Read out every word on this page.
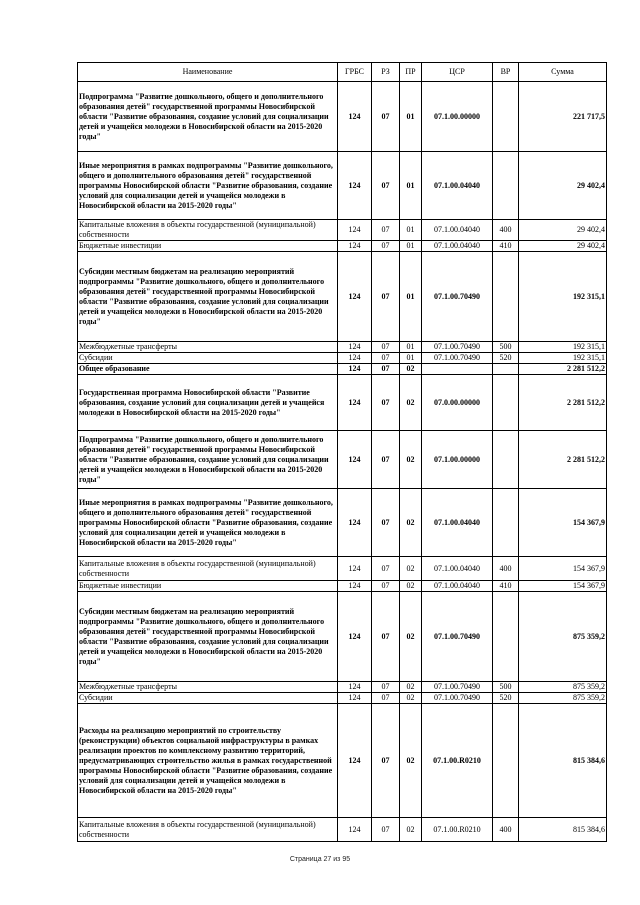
Наименование	ГРБС	РЗ	ПР	ЦСР	ВР	Сумма
Подпрограмма "Развитие дошкольного, общего и дополнительного образования детей" государственной программы Новосибирской области "Развитие образования, создание условий для социализации детей и учащейся молодежи в Новосибирской области на 2015-2020 годы"	124	07	01	07.1.00.00000		221 717,5
Иные мероприятия в рамках подпрограммы "Развитие дошкольного, общего и дополнительного образования детей" государственной программы Новосибирской области "Развитие образования, создание условий для социализации детей и учащейся молодежи в Новосибирской области на 2015-2020 годы"	124	07	01	07.1.00.04040		29 402,4
Капитальные вложения в объекты государственной (муниципальной) собственности	124	07	01	07.1.00.04040	400	29 402,4
Бюджетные инвестиции	124	07	01	07.1.00.04040	410	29 402,4
Субсидии местным бюджетам на реализацию мероприятий подпрограммы "Развитие дошкольного, общего и дополнительного образования детей" государственной программы Новосибирской области "Развитие образования, создание условий для социализации детей и учащейся молодежи в Новосибирской области на 2015-2020 годы"	124	07	01	07.1.00.70490		192 315,1
Межбюджетные трансферты	124	07	01	07.1.00.70490	500	192 315,1
Субсидии	124	07	01	07.1.00.70490	520	192 315,1
Общее образование	124	07	02			2 281 512,2
Государственная программа Новосибирской области "Развитие образования, создание условий для социализации детей и учащейся молодежи в Новосибирской области на 2015-2020 годы"	124	07	02	07.0.00.00000		2 281 512,2
Подпрограмма "Развитие дошкольного, общего и дополнительного образования детей" государственной программы Новосибирской области "Развитие образования, создание условий для социализации детей и учащейся молодежи в Новосибирской области на 2015-2020 годы"	124	07	02	07.1.00.00000		2 281 512,2
Иные мероприятия в рамках подпрограммы "Развитие дошкольного, общего и дополнительного образования детей" государственной программы Новосибирской области "Развитие образования, создание условий для социализации детей и учащейся молодежи в Новосибирской области на 2015-2020 годы"	124	07	02	07.1.00.04040		154 367,9
Капитальные вложения в объекты государственной (муниципальной) собственности	124	07	02	07.1.00.04040	400	154 367,9
Бюджетные инвестиции	124	07	02	07.1.00.04040	410	154 367,9
Субсидии местным бюджетам на реализацию мероприятий подпрограммы "Развитие дошкольного, общего и дополнительного образования детей" государственной программы Новосибирской области "Развитие образования, создание условий для социализации детей и учащейся молодежи в Новосибирской области на 2015-2020 годы"	124	07	02	07.1.00.70490		875 359,2
Межбюджетные трансферты	124	07	02	07.1.00.70490	500	875 359,2
Субсидии	124	07	02	07.1.00.70490	520	875 359,2
Расходы на реализацию мероприятий по строительству (реконструкции) объектов социальной инфраструктуры в рамках реализации проектов по комплексному развитию территорий, предусматривающих строительство жилья в рамках государственной программы Новосибирской области "Развитие образования, создание условий для социализации детей и учащейся молодежи в Новосибирской области на 2015-2020 годы"	124	07	02	07.1.00.R0210		815 384,6
Капитальные вложения в объекты государственной (муниципальной) собственности	124	07	02	07.1.00.R0210	400	815 384,6
Страница 27 из 95
